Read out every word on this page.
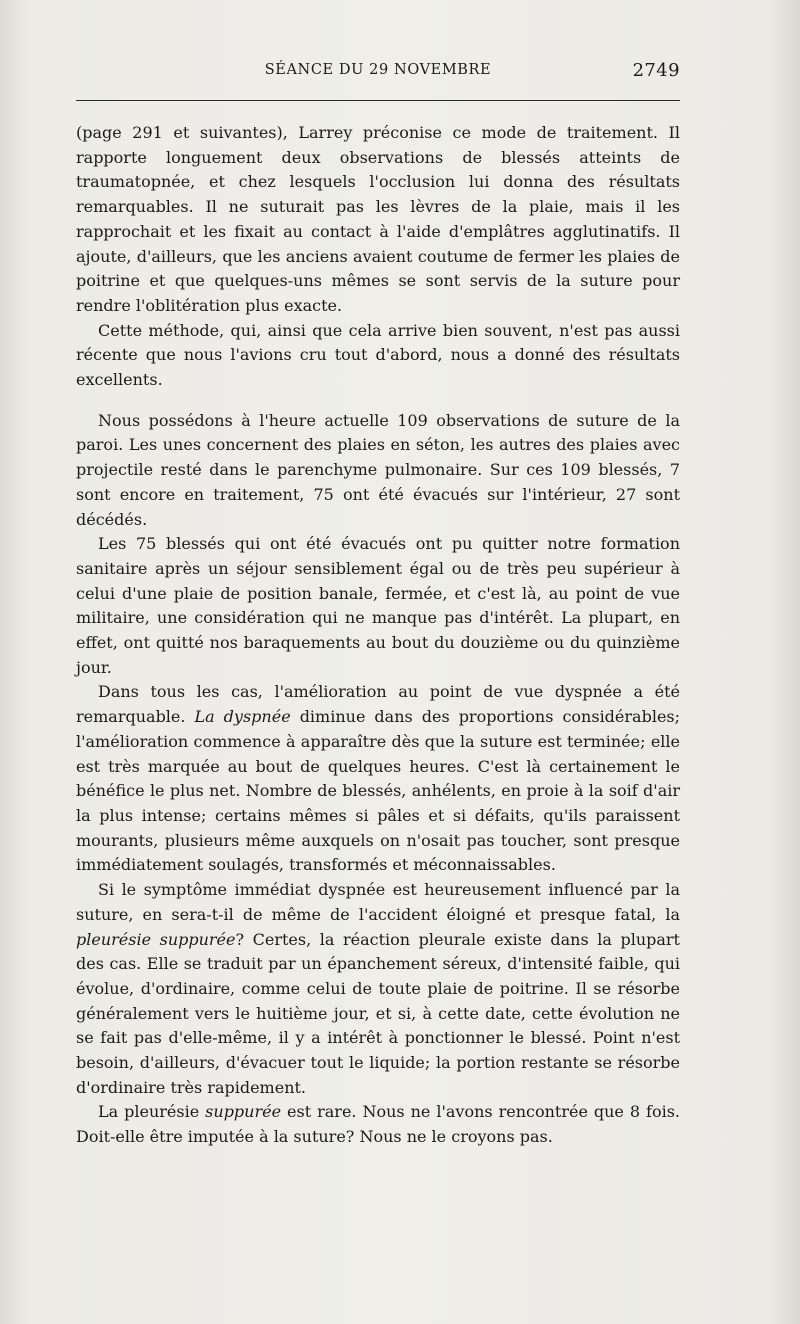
SÉANCE DU 29 NOVEMBRE	2749

(page 291 et suivantes), Larrey préconise ce mode de traitement. Il rapporte longuement deux observations de blessés atteints de traumatopnée, et chez lesquels l'occlusion lui donna des résultats remarquables. Il ne suturait pas les lèvres de la plaie, mais il les rapprochait et les fixait au contact à l'aide d'emplâtres agglutinatifs. Il ajoute, d'ailleurs, que les anciens avaient coutume de fermer les plaies de poitrine et que quelques-uns mêmes se sont servis de la suture pour rendre l'oblitération plus exacte.

Cette méthode, qui, ainsi que cela arrive bien souvent, n'est pas aussi récente que nous l'avions cru tout d'abord, nous a donné des résultats excellents.

Nous possédons à l'heure actuelle 109 observations de suture de la paroi. Les unes concernent des plaies en séton, les autres des plaies avec projectile resté dans le parenchyme pulmonaire. Sur ces 109 blessés, 7 sont encore en traitement, 75 ont été évacués sur l'intérieur, 27 sont décédés.

Les 75 blessés qui ont été évacués ont pu quitter notre formation sanitaire après un séjour sensiblement égal ou de très peu supérieur à celui d'une plaie de position banale, fermée, et c'est là, au point de vue militaire, une considération qui ne manque pas d'intérêt. La plupart, en effet, ont quitté nos baraquements au bout du douzième ou du quinzième jour.

Dans tous les cas, l'amélioration au point de vue dyspnée a été remarquable. La dyspnée diminue dans des proportions considérables; l'amélioration commence à apparaître dès que la suture est terminée; elle est très marquée au bout de quelques heures. C'est là certainement le bénéfice le plus net. Nombre de blessés, anhélents, en proie à la soif d'air la plus intense; certains mêmes si pâles et si défaits, qu'ils paraissent mourants, plusieurs même auxquels on n'osait pas toucher, sont presque immédiatement soulagés, transformés et méconnaissables.

Si le symptôme immédiat dyspnée est heureusement influencé par la suture, en sera-t-il de même de l'accident éloigné et presque fatal, la pleurésie suppurée? Certes, la réaction pleurale existe dans la plupart des cas. Elle se traduit par un épanchement séreux, d'intensité faible, qui évolue, d'ordinaire, comme celui de toute plaie de poitrine. Il se résorbe généralement vers le huitième jour, et si, à cette date, cette évolution ne se fait pas d'elle-même, il y a intérêt à ponctionner le blessé. Point n'est besoin, d'ailleurs, d'évacuer tout le liquide; la portion restante se résorbe d'ordinaire très rapidement.

La pleurésie suppurée est rare. Nous ne l'avons rencontrée que 8 fois. Doit-elle être imputée à la suture? Nous ne le croyons pas.
